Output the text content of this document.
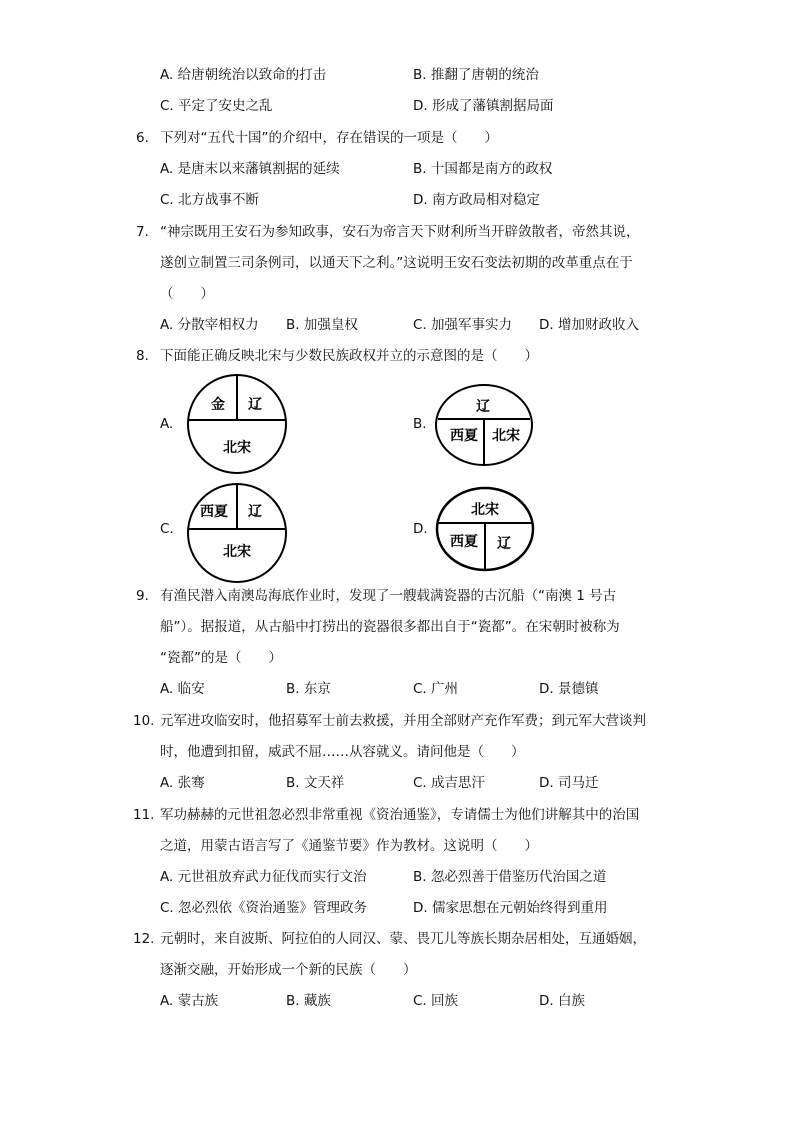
A. 给唐朝统治以致命的打击	B. 推翻了唐朝的统治
C. 平定了安史之乱	D. 形成了藩镇割据局面
6. 下列对“五代十国”的介绍中，存在错误的一项是（　　）
A. 是唐末以来藩镇割据的延续	B. 十国都是南方的政权
C. 北方战事不断	D. 南方政局相对稳定
7. “神宗既用王安石为参知政事，安石为帝言天下财利所当开辟敛散者，帝然其说，
遂创立制置三司条例司，以通天下之利。”这说明王安石变法初期的改革重点在于
（　　）
A. 分散宰相权力 B. 加强皇权	C. 加强军事实力 D. 增加财政收入
8. 下面能正确反映北宋与少数民族政权并立的示意图的是（　　）
A.
金 辽
北宋
B.
辽
西夏 北宋
C.
西夏 辽
北宋
D.
北宋
西夏 辽
9. 有渔民潜入南澳岛海底作业时，发现了一艘载满瓷器的古沉船（“南澳 1 号古
船”）。据报道，从古船中打捞出的瓷器很多都出自于“瓷都”。在宋朝时被称为
“瓷都”的是（　　）
A. 临安	B. 东京	C. 广州	D. 景德镇
10. 元军进攻临安时，他招募军士前去救援，并用全部财产充作军费；到元军大营谈判
时，他遭到扣留，威武不屈……从容就义。请问他是（　　）
A. 张骞	B. 文天祥	C. 成吉思汗	D. 司马迁
11. 军功赫赫的元世祖忽必烈非常重视《资治通鉴》，专请儒士为他们讲解其中的治国
之道，用蒙古语言写了《通鉴节要》作为教材。这说明（　　）
A. 元世祖放弃武力征伐而实行文治	B. 忽必烈善于借鉴历代治国之道
C. 忽必烈依《资治通鉴》管理政务	D. 儒家思想在元朝始终得到重用
12. 元朝时，来自波斯、阿拉伯的人同汉、蒙、畏兀儿等族长期杂居相处，互通婚姻，
逐渐交融，开始形成一个新的民族（　　）
A. 蒙古族	B. 藏族	C. 回族	D. 白族
